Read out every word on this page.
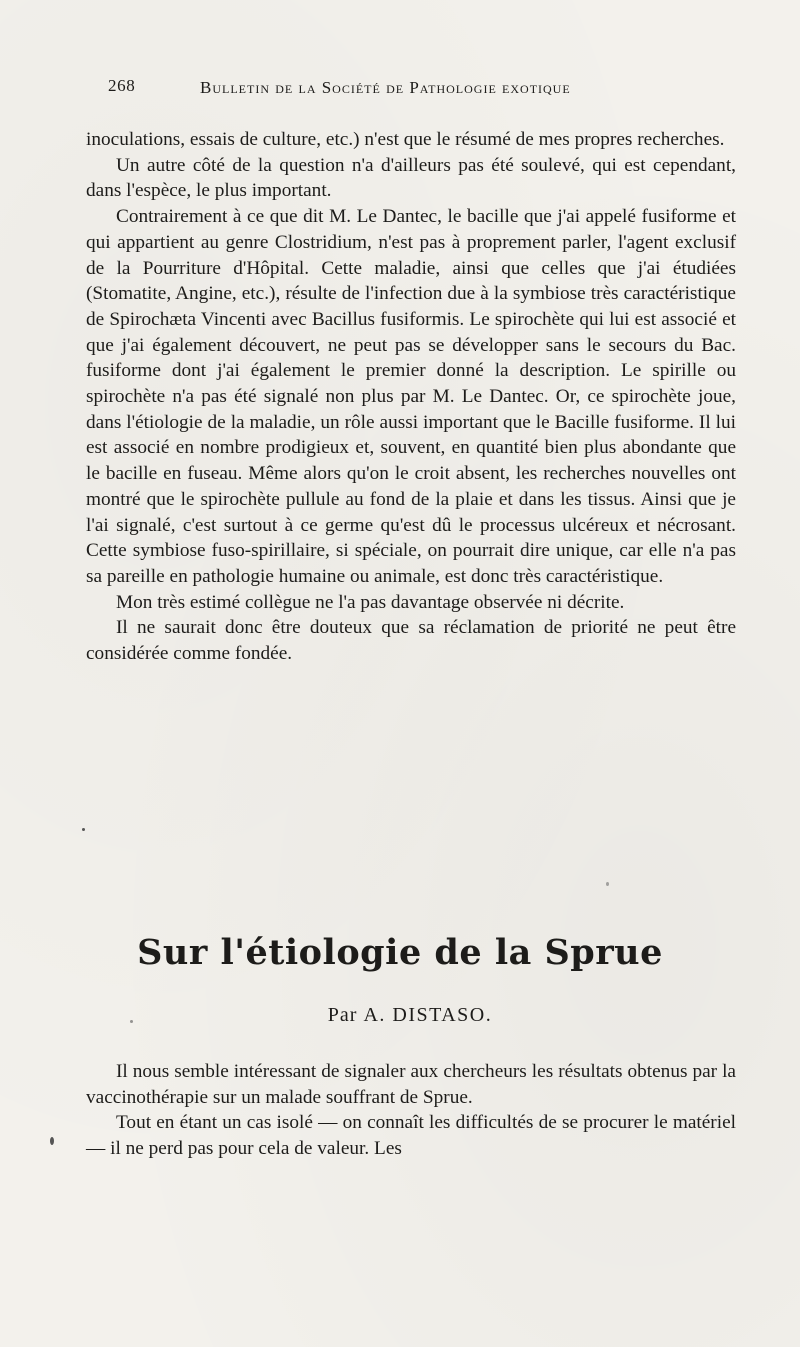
268	Bulletin de la Société de Pathologie exotique

inoculations, essais de culture, etc.) n'est que le résumé de mes propres recherches.

Un autre côté de la question n'a d'ailleurs pas été soulevé, qui est cependant, dans l'espèce, le plus important.

Contrairement à ce que dit M. Le Dantec, le bacille que j'ai appelé fusiforme et qui appartient au genre Clostridium, n'est pas à proprement parler, l'agent exclusif de la Pourriture d'Hôpital. Cette maladie, ainsi que celles que j'ai étudiées (Stomatite, Angine, etc.), résulte de l'infection due à la symbiose très caractéristique de Spirochæta Vincenti avec Bacillus fusiformis. Le spirochète qui lui est associé et que j'ai également découvert, ne peut pas se développer sans le secours du Bac. fusiforme dont j'ai également le premier donné la description. Le spirille ou spirochète n'a pas été signalé non plus par M. Le Dantec. Or, ce spirochète joue, dans l'étiologie de la maladie, un rôle aussi important que le Bacille fusiforme. Il lui est associé en nombre prodigieux et, souvent, en quantité bien plus abondante que le bacille en fuseau. Même alors qu'on le croit absent, les recherches nouvelles ont montré que le spirochète pullule au fond de la plaie et dans les tissus. Ainsi que je l'ai signalé, c'est surtout à ce germe qu'est dû le processus ulcéreux et nécrosant. Cette symbiose fuso-spirillaire, si spéciale, on pourrait dire unique, car elle n'a pas sa pareille en pathologie humaine ou animale, est donc très caractéristique.

Mon très estimé collègue ne l'a pas davantage observée ni décrite.

Il ne saurait donc être douteux que sa réclamation de priorité ne peut être considérée comme fondée.

Sur l'étiologie de la Sprue
Par A. DISTASO.

Il nous semble intéressant de signaler aux chercheurs les résultats obtenus par la vaccinothérapie sur un malade souffrant de Sprue.

Tout en étant un cas isolé — on connaît les difficultés de se procurer le matériel — il ne perd pas pour cela de valeur. Les
